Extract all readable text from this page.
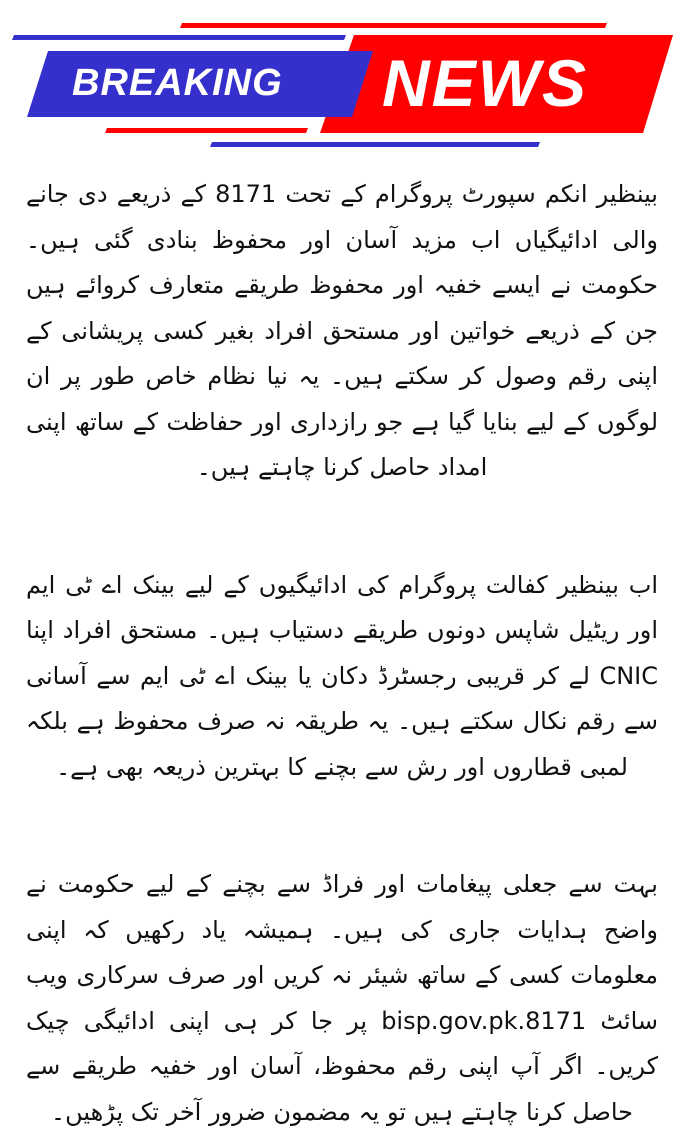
BREAKING NEWS

بینظیر انکم سپورٹ پروگرام کے تحت 8171 کے ذریعے دی جانے والی ادائیگیاں اب مزید آسان اور محفوظ بنادی گئی ہیں۔ حکومت نے ایسے خفیہ اور محفوظ طریقے متعارف کروائے ہیں جن کے ذریعے خواتین اور مستحق افراد بغیر کسی پریشانی کے اپنی رقم وصول کر سکتے ہیں۔ یہ نیا نظام خاص طور پر ان لوگوں کے لیے بنایا گیا ہے جو رازداری اور حفاظت کے ساتھ اپنی امداد حاصل کرنا چاہتے ہیں۔

اب بینظیر کفالت پروگرام کی ادائیگیوں کے لیے بینک اے ٹی ایم اور ریٹیل شاپس دونوں طریقے دستیاب ہیں۔ مستحق افراد اپنا CNIC لے کر قریبی رجسٹرڈ دکان یا بینک اے ٹی ایم سے آسانی سے رقم نکال سکتے ہیں۔ یہ طریقہ نہ صرف محفوظ ہے بلکہ لمبی قطاروں اور رش سے بچنے کا بہترین ذریعہ بھی ہے۔

بہت سے جعلی پیغامات اور فراڈ سے بچنے کے لیے حکومت نے واضح ہدایات جاری کی ہیں۔ ہمیشہ یاد رکھیں کہ اپنی معلومات کسی کے ساتھ شیئر نہ کریں اور صرف سرکاری ویب سائٹ bisp.gov.pk.8171 پر جا کر ہی اپنی ادائیگی چیک کریں۔ اگر آپ اپنی رقم محفوظ، آسان اور خفیہ طریقے سے حاصل کرنا چاہتے ہیں تو یہ مضمون ضرور آخر تک پڑھیں۔
